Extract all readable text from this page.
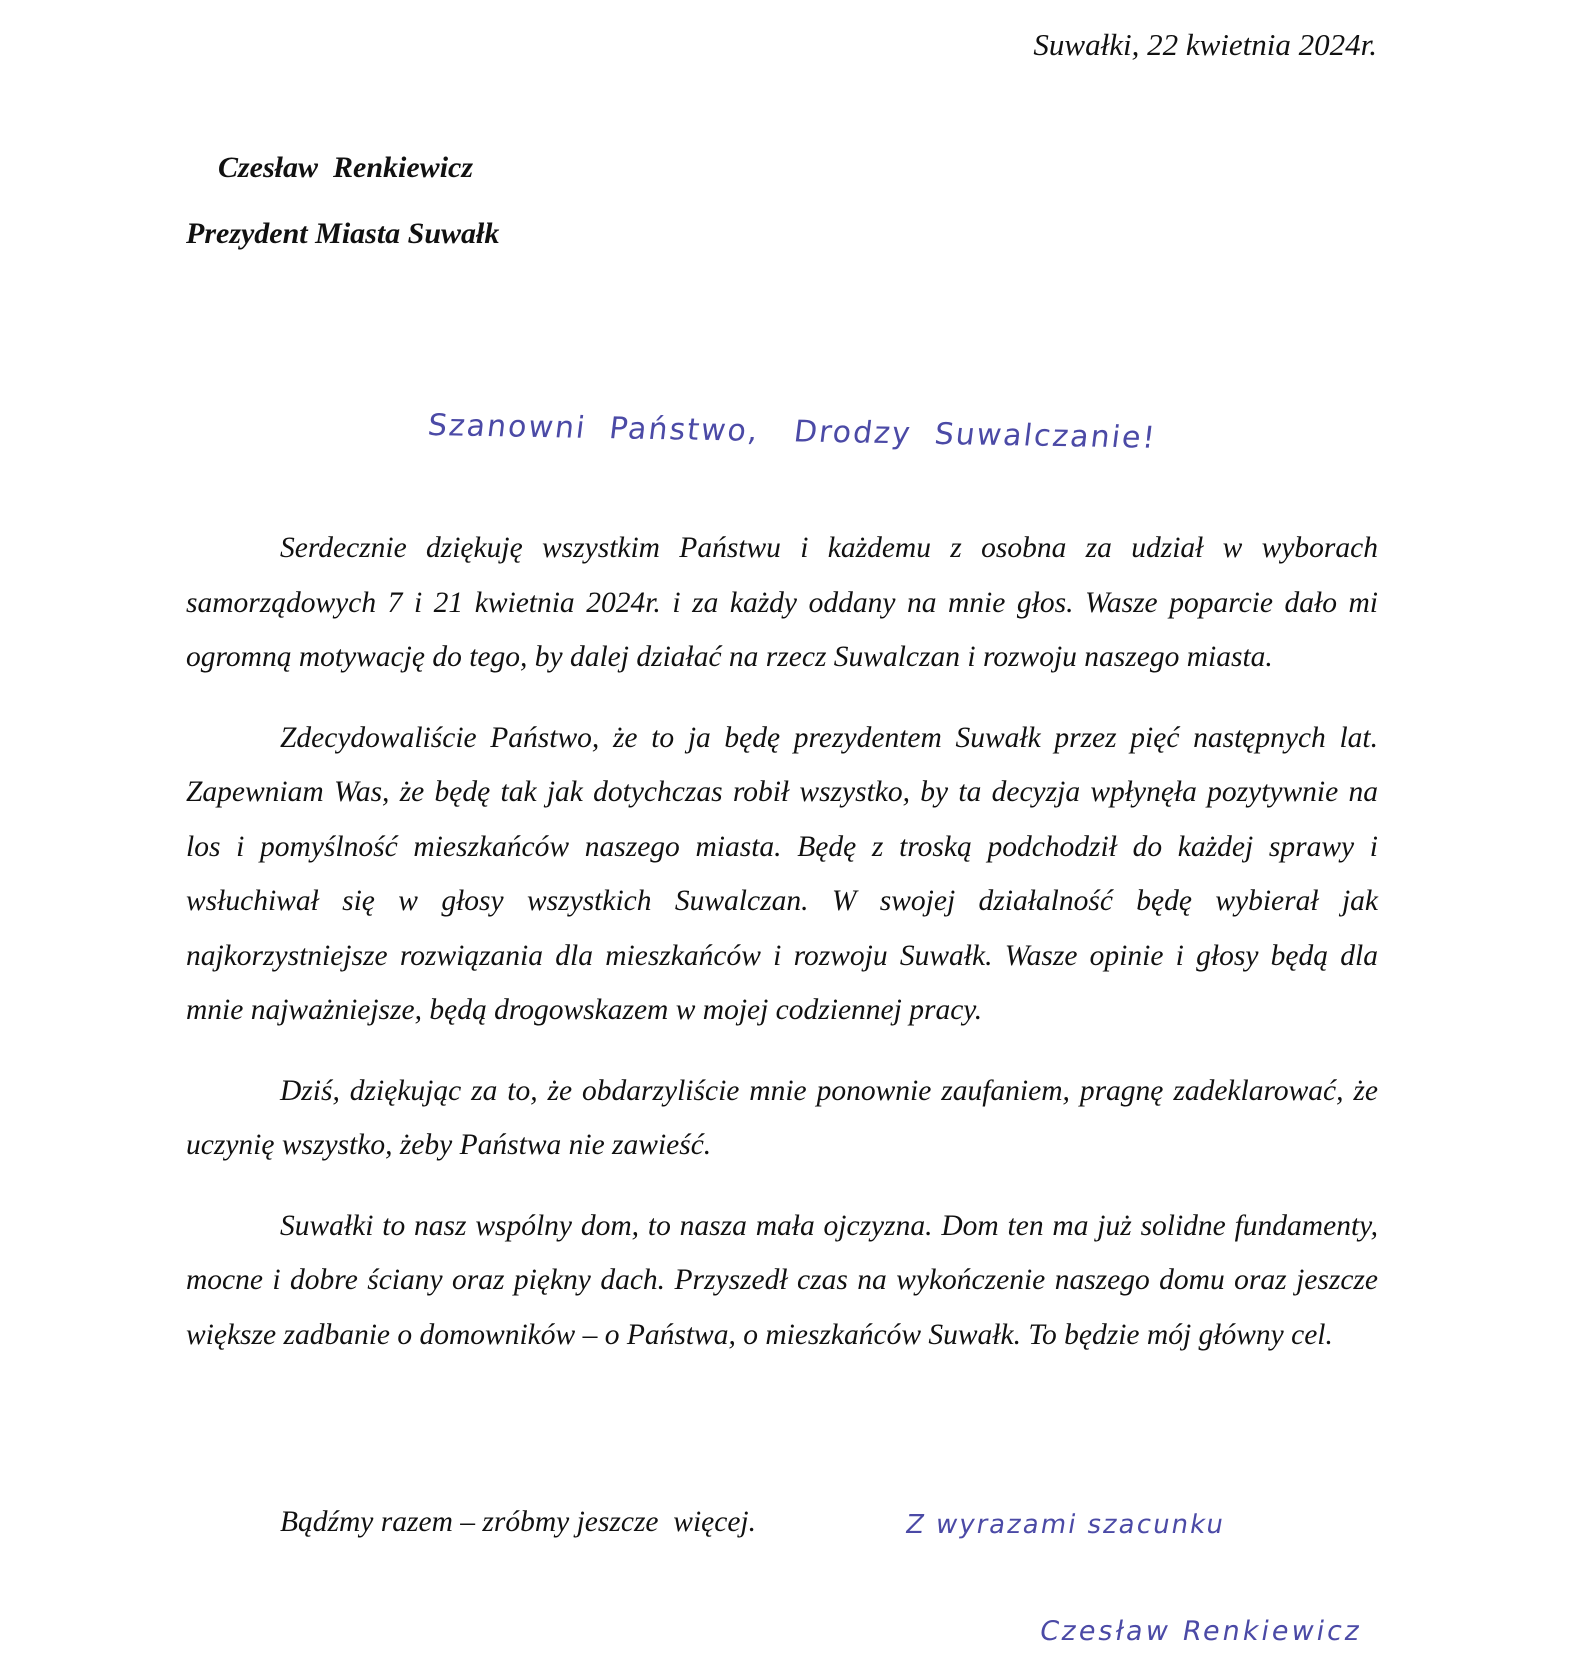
Suwałki, 22 kwietnia 2024r.
Czesław  Renkiewicz
Prezydent Miasta Suwałk
Szanowni  Państwo,   Drodzy  Suwalczanie!

Serdecznie dziękuję wszystkim Państwu i każdemu z osobna za udział w wyborach samorządowych 7 i 21 kwietnia 2024r. i za każdy oddany na mnie głos. Wasze poparcie dało mi ogromną motywację do tego, by dalej działać na rzecz Suwalczan i rozwoju naszego miasta.

Zdecydowaliście Państwo, że to ja będę prezydentem Suwałk przez pięć następnych lat. Zapewniam Was, że będę tak jak dotychczas robił wszystko, by ta decyzja wpłynęła pozytywnie na los i pomyślność mieszkańców naszego miasta. Będę z troską podchodził do każdej sprawy i wsłuchiwał się w głosy wszystkich Suwalczan. W swojej działalność będę wybierał jak najkorzystniejsze rozwiązania dla mieszkańców i rozwoju Suwałk. Wasze opinie i głosy będą dla mnie najważniejsze, będą drogowskazem w mojej codziennej pracy.

Dziś, dziękując za to, że obdarzyliście mnie ponownie zaufaniem, pragnę zadeklarować, że uczynię wszystko, żeby Państwa nie zawieść.

Suwałki to nasz wspólny dom, to nasza mała ojczyzna. Dom ten ma już solidne fundamenty, mocne i dobre ściany oraz piękny dach. Przyszedł czas na wykończenie naszego domu oraz jeszcze większe zadbanie o domowników – o Państwa, o mieszkańców Suwałk. To będzie mój główny cel.

Bądźmy razem – zróbmy jeszcze  więcej.	Z wyrazami szacunku
Czesław Renkiewicz
